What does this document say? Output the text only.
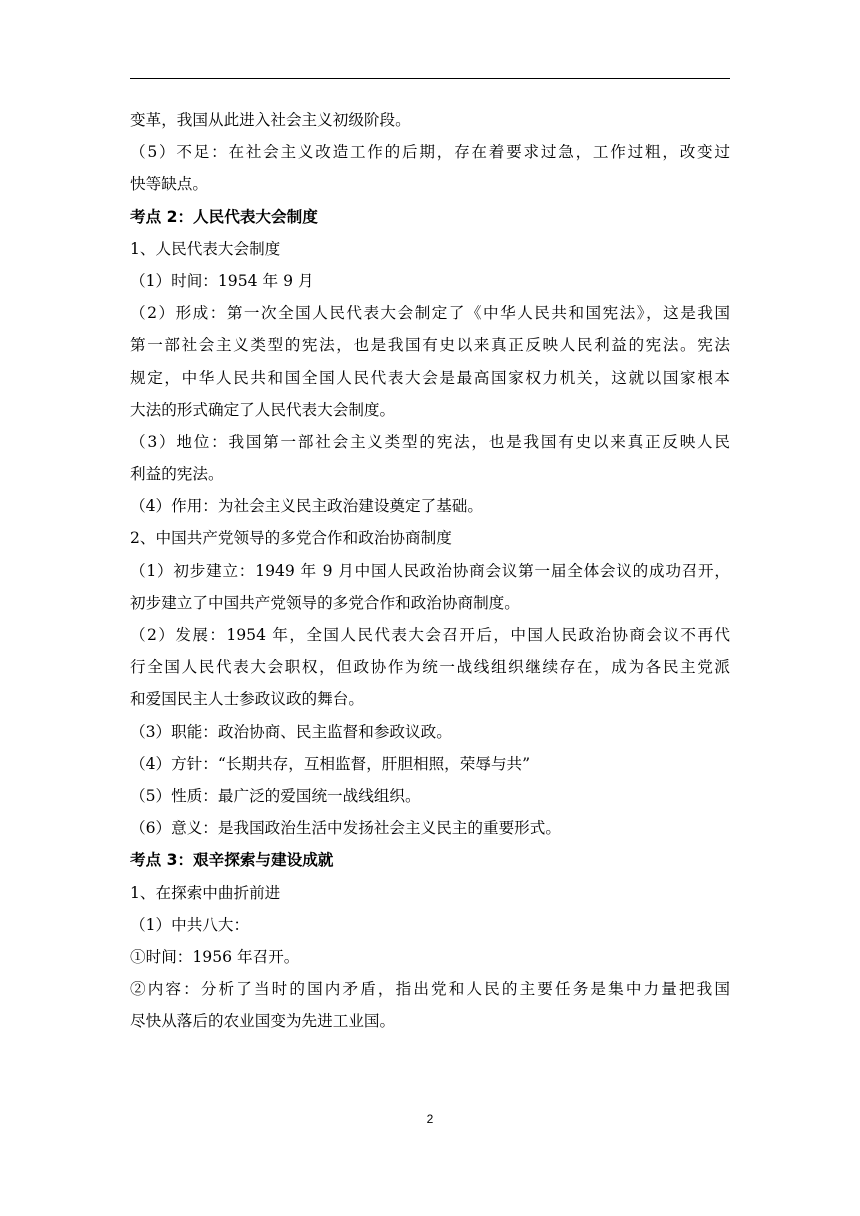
变革，我国从此进入社会主义初级阶段。
（5）不足：在社会主义改造工作的后期，存在着要求过急，工作过粗，改变过
快等缺点。
考点 2：人民代表大会制度
1、人民代表大会制度
（1）时间：1954 年 9 月
（2）形成：第一次全国人民代表大会制定了《中华人民共和国宪法》，这是我国
第一部社会主义类型的宪法，也是我国有史以来真正反映人民利益的宪法。宪法
规定，中华人民共和国全国人民代表大会是最高国家权力机关，这就以国家根本
大法的形式确定了人民代表大会制度。
（3）地位：我国第一部社会主义类型的宪法，也是我国有史以来真正反映人民
利益的宪法。
（4）作用：为社会主义民主政治建设奠定了基础。
2、中国共产党领导的多党合作和政治协商制度
（1）初步建立：1949 年 9 月中国人民政治协商会议第一届全体会议的成功召开，
初步建立了中国共产党领导的多党合作和政治协商制度。
（2）发展：1954 年，全国人民代表大会召开后，中国人民政治协商会议不再代
行全国人民代表大会职权，但政协作为统一战线组织继续存在，成为各民主党派
和爱国民主人士参政议政的舞台。
（3）职能：政治协商、民主监督和参政议政。
（4）方针：“长期共存，互相监督，肝胆相照，荣辱与共”
（5）性质：最广泛的爱国统一战线组织。
（6）意义：是我国政治生活中发扬社会主义民主的重要形式。
考点 3：艰辛探索与建设成就
1、在探索中曲折前进
（1）中共八大：
①时间：1956 年召开。
②内容：分析了当时的国内矛盾，指出党和人民的主要任务是集中力量把我国
尽快从落后的农业国变为先进工业国。
2
